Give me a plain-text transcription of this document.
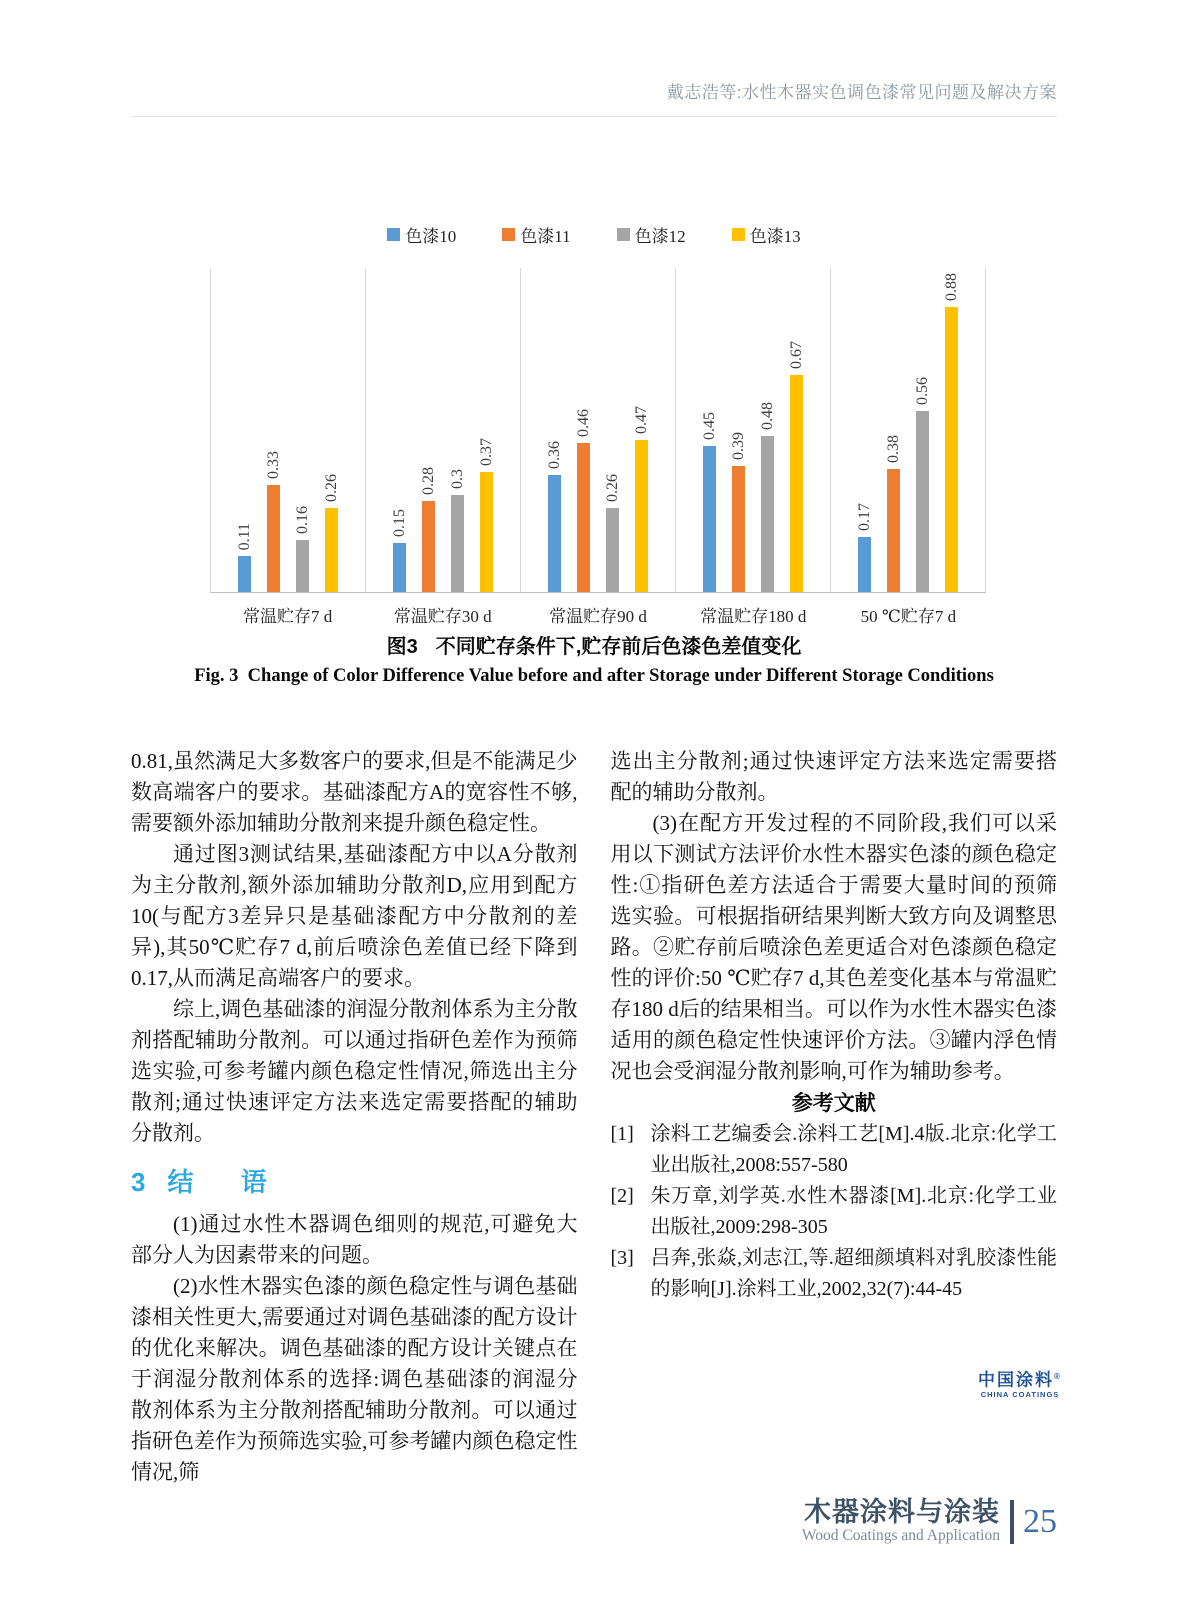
戴志浩等:水性木器实色调色漆常见问题及解决方案
色漆10	色漆11	色漆12	色漆13
0.11
0.33
0.16
0.26
0.15
0.28 0.3
0.37	0.36
0.46
0.26
0.47	0.45
0.39
0.48
0.67
0.17
0.38
0.56
0.88
常温贮存7 d	常温贮存30 d	常温贮存90 d	常温贮存180 d	50 ℃贮存7 d
图3 不同贮存条件下,贮存前后色漆色差值变化
Fig. 3 Change of Color Difference Value before and after Storage under Different Storage Conditions

0.81,虽然满足大多数客户的要求,但是不能满足少数高端客户的要求。基础漆配方A的宽容性不够,需要额外添加辅助分散剂来提升颜色稳定性。

通过图3测试结果,基础漆配方中以A分散剂为主分散剂,额外添加辅助分散剂D,应用到配方10(与配方3差异只是基础漆配方中分散剂的差异),其50℃贮存7 d,前后喷涂色差值已经下降到0.17,从而满足高端客户的要求。

综上,调色基础漆的润湿分散剂体系为主分散剂搭配辅助分散剂。可以通过指研色差作为预筛选实验,可参考罐内颜色稳定性情况,筛选出主分散剂;通过快速评定方法来选定需要搭配的辅助分散剂。

3 结 语

(1)通过水性木器调色细则的规范,可避免大部分人为因素带来的问题。

(2)水性木器实色漆的颜色稳定性与调色基础漆相关性更大,需要通过对调色基础漆的配方设计的优化来解决。调色基础漆的配方设计关键点在于润湿分散剂体系的选择:调色基础漆的润湿分散剂体系为主分散剂搭配辅助分散剂。可以通过指研色差作为预筛选实验,可参考罐内颜色稳定性情况,筛

选出主分散剂;通过快速评定方法来选定需要搭配的辅助分散剂。

(3)在配方开发过程的不同阶段,我们可以采用以下测试方法评价水性木器实色漆的颜色稳定性:①指研色差方法适合于需要大量时间的预筛选实验。可根据指研结果判断大致方向及调整思路。②贮存前后喷涂色差更适合对色漆颜色稳定性的评价:50 ℃贮存7 d,其色差变化基本与常温贮存180 d后的结果相当。可以作为水性木器实色漆适用的颜色稳定性快速评价方法。③罐内浮色情况也会受润湿分散剂影响,可作为辅助参考。

参考文献

[1] 涂料工艺编委会.涂料工艺[M].4版.北京:化学工业出版社,2008:557-580
[2] 朱万章,刘学英.水性木器漆[M].北京:化学工业出版社,2009:298-305
[3] 吕奔,张焱,刘志江,等.超细颜填料对乳胶漆性能的影响[J].涂料工业,2002,32(7):44-45
中国涂料®
CHINA COATINGS
木器涂料与涂装
Wood Coatings and Application 25
